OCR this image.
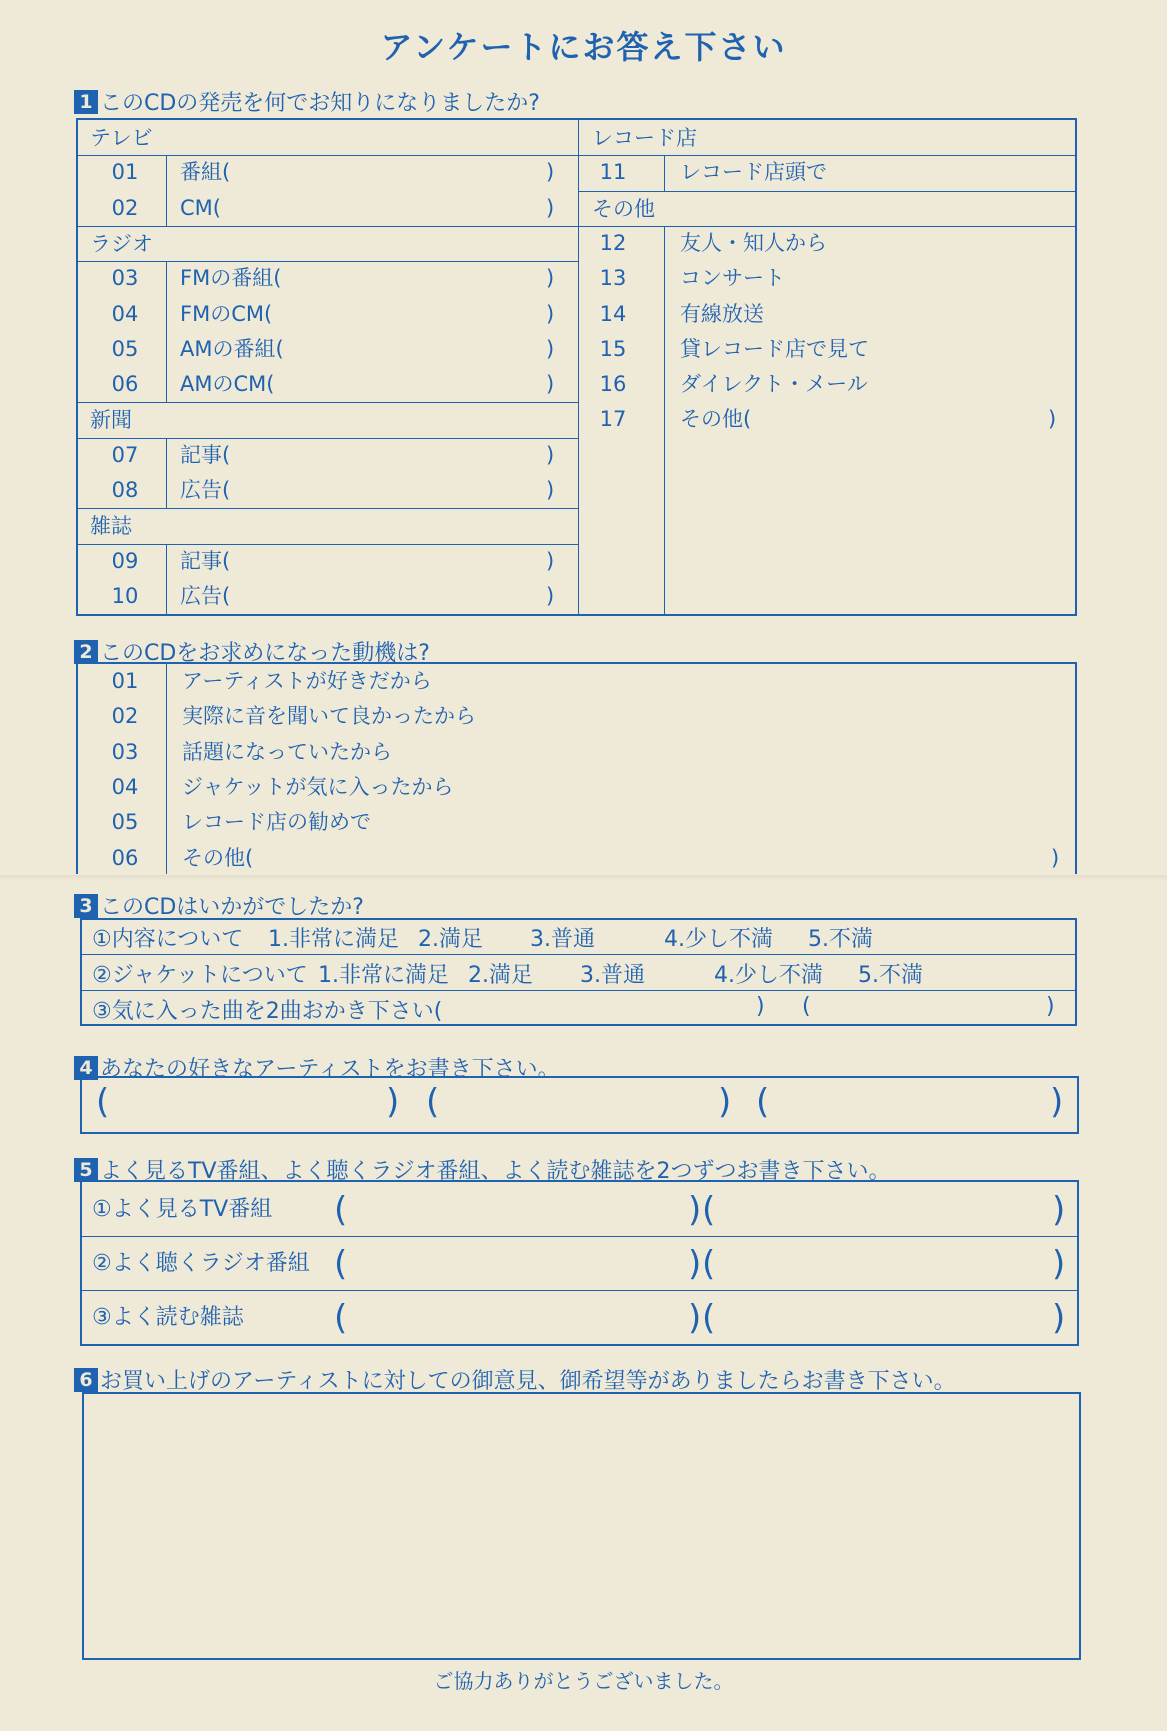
アンケートにお答え下さい
1 このCDの発売を何でお知りになりましたか?
2 このCDをお求めになった動機は?
3 このCDはいかがでしたか?
③気に入った曲を2曲おかき下さい(	) (	)
4 あなたの好きなアーティストをお書き下さい。
(	) (	) (	)
5 よく見るTV番組、よく聴くラジオ番組、よく読む雑誌を2つずつお書き下さい。
6 お買い上げのアーティストに対しての御意見、御希望等がありましたらお書き下さい。
ご協力ありがとうございました。
テレビ
01	番組(	)
02	CM(	)
ラジオ
03	FMの番組(	)
04	FMのCM(	)
05	AMの番組(	)
06	AMのCM(	)
新聞
07	記事(	)
08	広告(	)
雑誌
09	記事(	)
10	広告(	)
レコード店
11	レコード店頭で
その他
12	友人・知人から
13	コンサート
14	有線放送
15	貸レコード店で見て
16	ダイレクト・メール
17	その他(	)
01	アーティストが好きだから
02	実際に音を聞いて良かったから
03	話題になっていたから
04	ジャケットが気に入ったから
05	レコード店の勧めで
06	その他(	)
①内容について 1.非常に満足 2.満足 3.普通	4.少し不満 5.不満
②ジャケットについて 1.非常に満足 2.満足 3.普通	4.少し不満 5.不満
①よく見るTV番組 (	) (	)
②よく聴くラジオ番組 (	) (	)
③よく読む雑誌	(	) (	)
